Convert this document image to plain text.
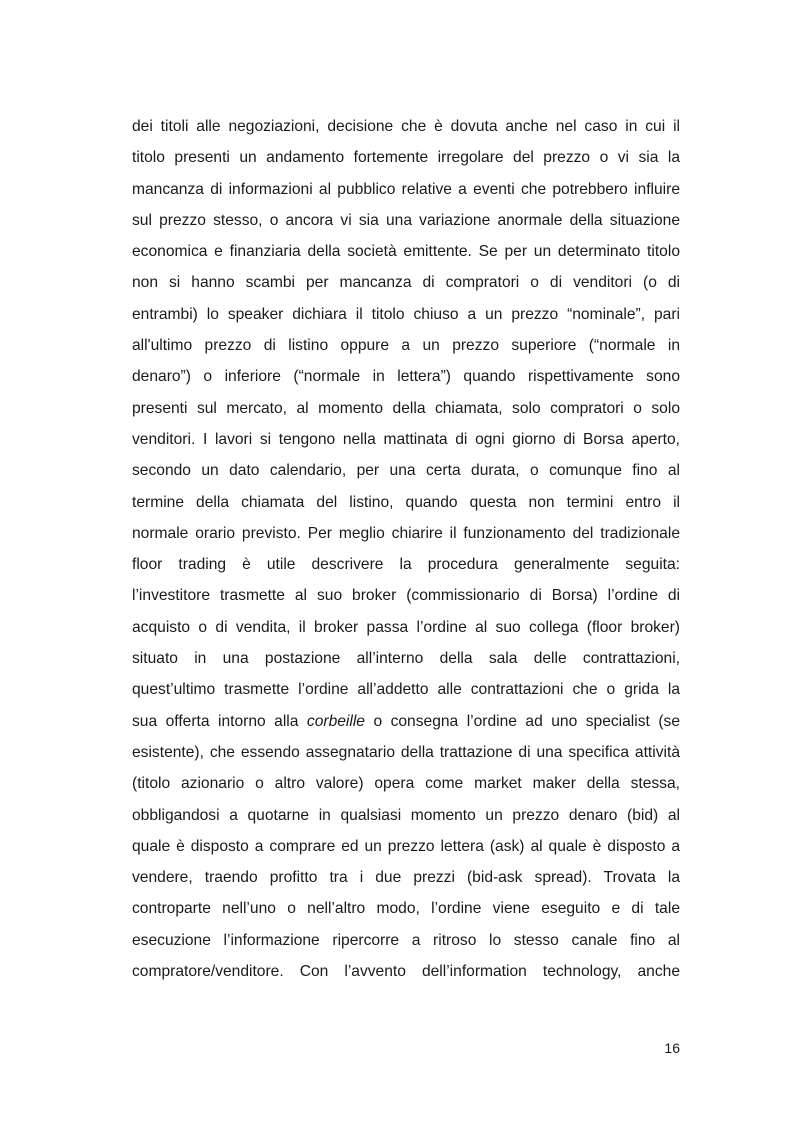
dei titoli alle negoziazioni, decisione che è dovuta anche nel caso in cui il
titolo presenti un andamento fortemente irregolare del prezzo o vi sia la
mancanza di informazioni al pubblico relative a eventi che potrebbero influire
sul prezzo stesso, o ancora vi sia una variazione anormale della situazione
economica e finanziaria della società emittente. Se per un determinato titolo
non si hanno scambi per mancanza di compratori o di venditori (o di
entrambi) lo speaker dichiara il titolo chiuso a un prezzo “nominale”, pari
all'ultimo prezzo di listino oppure a un prezzo superiore (“normale in
denaro”) o inferiore (“normale in lettera”) quando rispettivamente sono
presenti sul mercato, al momento della chiamata, solo compratori o solo
venditori. I lavori si tengono nella mattinata di ogni giorno di Borsa aperto,
secondo un dato calendario, per una certa durata, o comunque fino al
termine della chiamata del listino, quando questa non termini entro il
normale orario previsto. Per meglio chiarire il funzionamento del tradizionale
floor trading è utile descrivere la procedura generalmente seguita:
l’investitore trasmette al suo broker (commissionario di Borsa) l’ordine di
acquisto o di vendita, il broker passa l’ordine al suo collega (floor broker)
situato in una postazione all’interno della sala delle contrattazioni,
quest’ultimo trasmette l’ordine all’addetto alle contrattazioni che o grida la
sua offerta intorno alla corbeille o consegna l’ordine ad uno specialist (se
esistente), che essendo assegnatario della trattazione di una specifica attività
(titolo azionario o altro valore) opera come market maker della stessa,
obbligandosi a quotarne in qualsiasi momento un prezzo denaro (bid) al
quale è disposto a comprare ed un prezzo lettera (ask) al quale è disposto a
vendere, traendo profitto tra i due prezzi (bid-ask spread). Trovata la
controparte nell’uno o nell’altro modo, l’ordine viene eseguito e di tale
esecuzione l’informazione ripercorre a ritroso lo stesso canale fino al
compratore/venditore. Con l’avvento dell’information technology, anche
16
